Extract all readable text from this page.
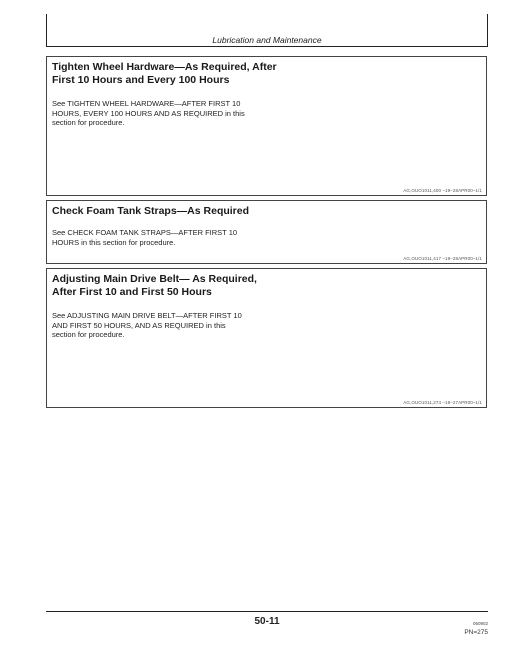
Lubrication and Maintenance
Tighten Wheel Hardware—As Required, After
First 10 Hours and Every 100 Hours

See TIGHTEN WHEEL HARDWARE—AFTER FIRST 10
HOURS, EVERY 100 HOURS AND AS REQUIRED in this
section for procedure.

AG,OUO1011,400 –19–28APR00–1/1
Check Foam Tank Straps—As Required

See CHECK FOAM TANK STRAPS—AFTER FIRST 10
HOURS in this section for procedure.

AG,OUO1011,417 –19–28APR00–1/1
Adjusting Main Drive Belt— As Required,
After First 10 and First 50 Hours

See ADJUSTING MAIN DRIVE BELT—AFTER FIRST 10
AND FIRST 50 HOURS, AND AS REQUIRED in this
section for procedure.

AG,OUO1011,274 –19–27APR00–1/1
50-11	060902
PN=275
